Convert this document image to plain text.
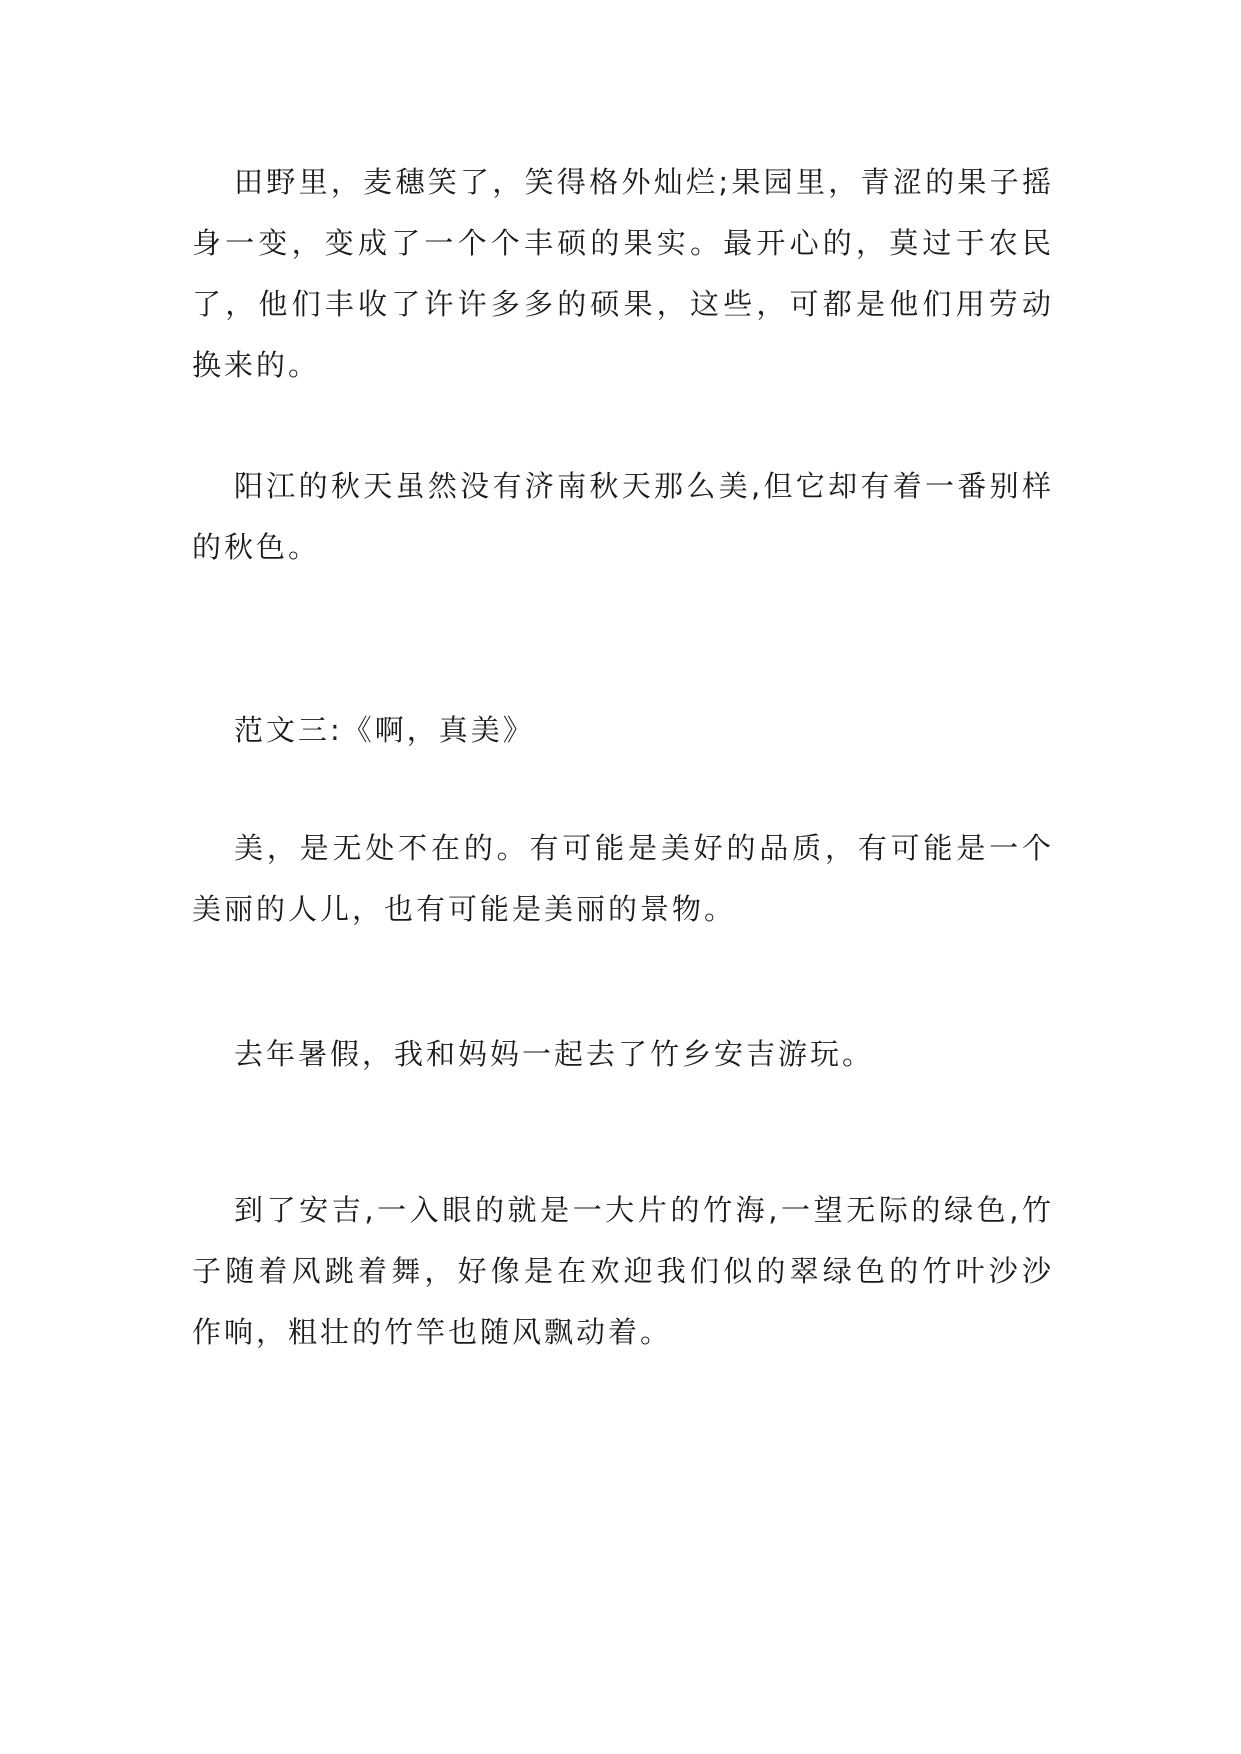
田野里，麦穗笑了，笑得格外灿烂;果园里，青涩的果子摇身一变，变成了一个个丰硕的果实。最开心的，莫过于农民了，他们丰收了许许多多的硕果，这些，可都是他们用劳动换来的。

阳江的秋天虽然没有济南秋天那么美,但它却有着一番别样的秋色。

范文三:《啊，真美》

美，是无处不在的。有可能是美好的品质，有可能是一个美丽的人儿，也有可能是美丽的景物。

去年暑假，我和妈妈一起去了竹乡安吉游玩。

到了安吉,一入眼的就是一大片的竹海,一望无际的绿色,竹子随着风跳着舞，好像是在欢迎我们似的翠绿色的竹叶沙沙作响，粗壮的竹竿也随风飘动着。
